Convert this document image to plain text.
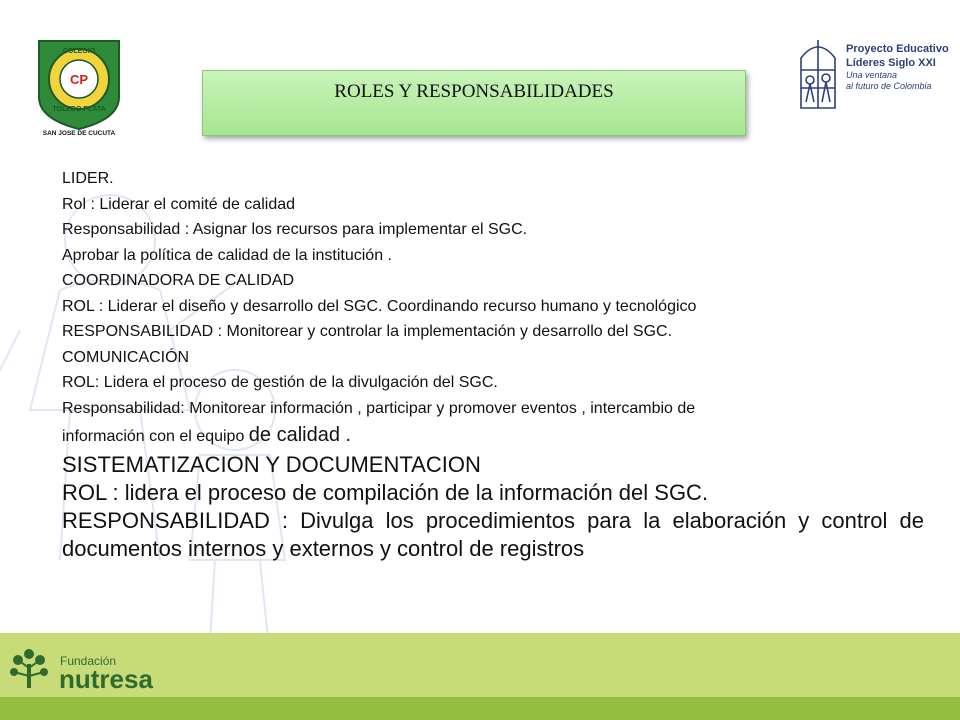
COLEGIO
CP
TOLEDO PLATA
SAN JOSE DE CUCUTA
Proyecto Educativo
Líderes Siglo XXI
Una ventana
al futuro de Colombia
ROLES Y RESPONSABILIDADES
LIDER.
Rol : Liderar el comité de calidad
Responsabilidad : Asignar los recursos para implementar el SGC.
Aprobar la política de calidad de la institución .
COORDINADORA DE CALIDAD
ROL : Liderar el diseño y desarrollo del SGC. Coordinando recurso humano y tecnológico
RESPONSABILIDAD : Monitorear y controlar la implementación y desarrollo del SGC.
COMUNICACIÓN
ROL: Lidera el proceso de gestión de la divulgación del SGC.
Responsabilidad: Monitorear información , participar y promover eventos , intercambio de
información con el equipo de calidad .
SISTEMATIZACION Y DOCUMENTACION
ROL : lidera el proceso de compilación de la información del SGC.
RESPONSABILIDAD : Divulga los procedimientos para la elaboración y control de documentos internos y externos y control de registros
Fundación
nutresa
